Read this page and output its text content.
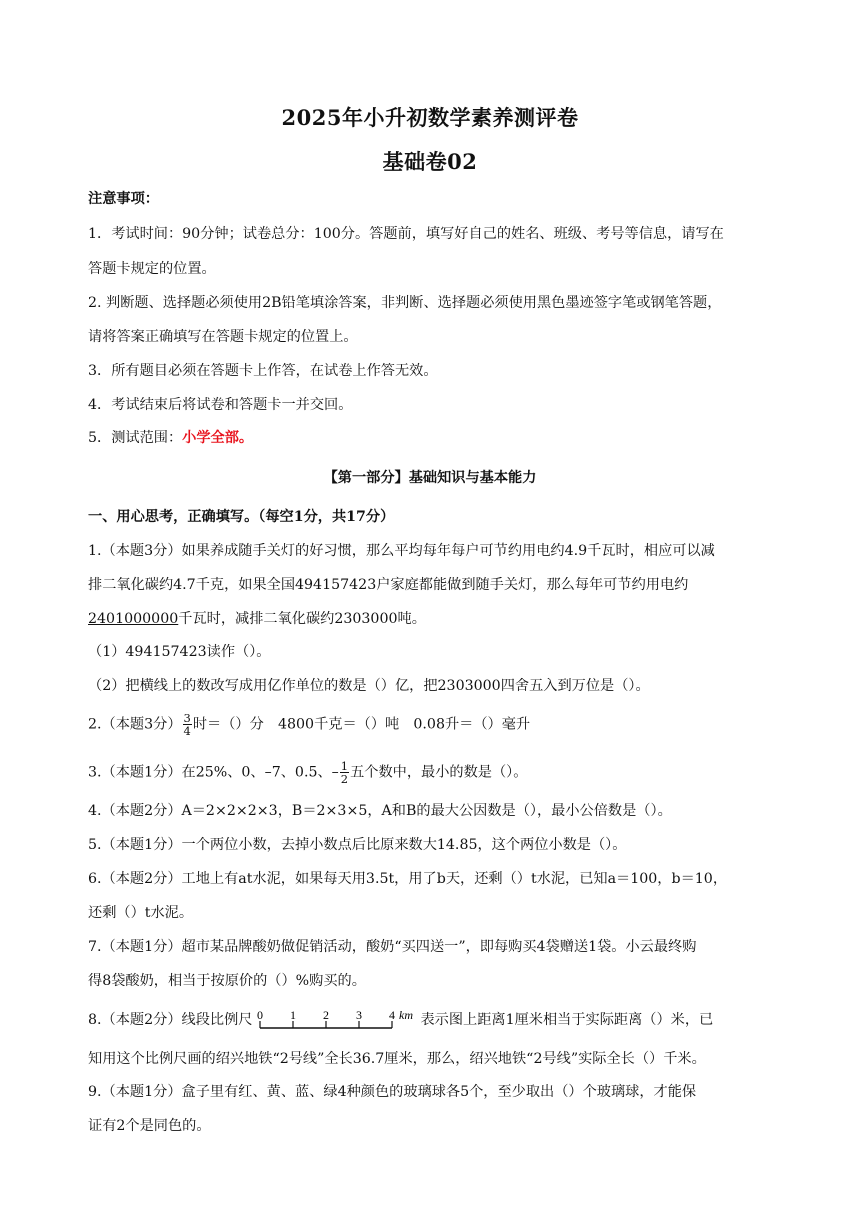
2025年小升初数学素养测评卷
基础卷02
注意事项：
1．考试时间：90分钟；试卷总分：100分。答题前，填写好自己的姓名、班级、考号等信息，请写在
答题卡规定的位置。
2. 判断题、选择题必须使用2B铅笔填涂答案，非判断、选择题必须使用黑色墨迹签字笔或钢笔答题，
请将答案正确填写在答题卡规定的位置上。
3．所有题目必须在答题卡上作答，在试卷上作答无效。
4．考试结束后将试卷和答题卡一并交回。
5．测试范围：小学全部。
【第一部分】基础知识与基本能力
一、用心思考，正确填写。（每空1分，共17分）
1.（本题3分）如果养成随手关灯的好习惯，那么平均每年每户可节约用电约4.9千瓦时，相应可以减
排二氧化碳约4.7千克，如果全国494157423户家庭都能做到随手关灯，那么每年可节约用电约
2401000000千瓦时，减排二氧化碳约2303000吨。
（1）494157423读作（）。
（2）把横线上的数改写成用亿作单位的数是（）亿，把2303000四舍五入到万位是（）。
2.（本题3分） $\frac{3}{4}$ 时＝（）分　4800千克＝（）吨　0.08升＝（）毫升
3.（本题1分）在25%、0、–7、0.5、– $\frac{1}{2}$ 五个数中，最小的数是（）。
4.（本题2分）A＝2×2×2×3，B＝2×3×5，A和B的最大公因数是（），最小公倍数是（）。
5.（本题1分）一个两位小数，去掉小数点后比原来数大14.85，这个两位小数是（）。
6.（本题2分）工地上有at水泥，如果每天用3.5t，用了b天，还剩（）t水泥，已知a＝100，b＝10，
还剩（）t水泥。
7.（本题1分）超市某品牌酸奶做促销活动，酸奶“买四送一”，即每购买4袋赠送1袋。小云最终购
得8袋酸奶，相当于按原价的（）%购买的。
8.（本题2分）线段比例尺 0 1 2 3 4 km 表示图上距离1厘米相当于实际距离（）米，已
知用这个比例尺画的绍兴地铁“2号线”全长36.7厘米，那么，绍兴地铁“2号线”实际全长（）千米。
9.（本题1分）盒子里有红、黄、蓝、绿4种颜色的玻璃球各5个，至少取出（）个玻璃球，才能保
证有2个是同色的。
